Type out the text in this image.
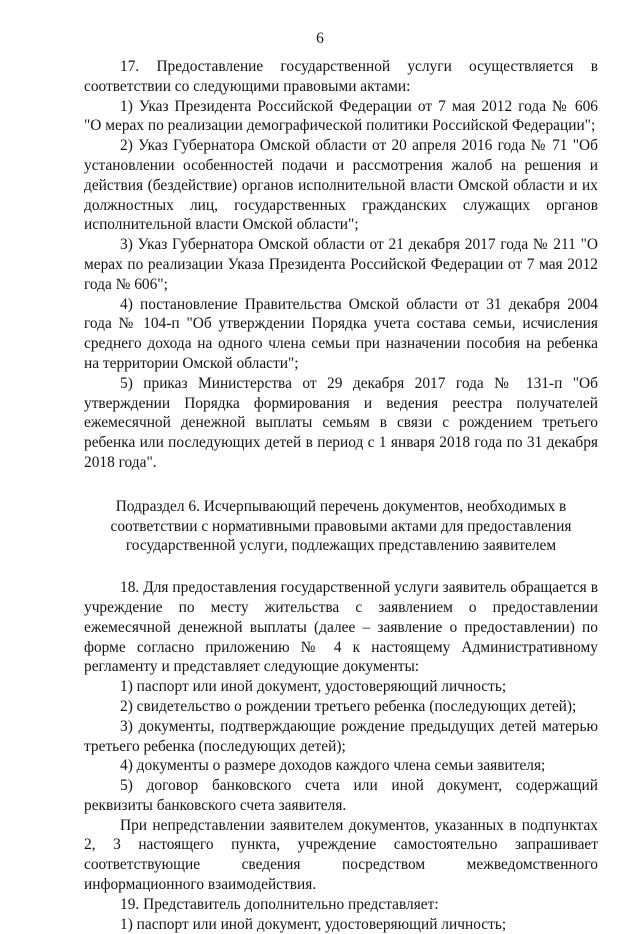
6

17. Предоставление государственной услуги осуществляется в

соответствии со следующими правовыми актами:

1) Указ Президента Российской Федерации от 7 мая 2012 года № 606

"О мерах по реализации демографической политики Российской Федерации";

2) Указ Губернатора Омской области от 20 апреля 2016 года № 71 "Об установлении особенностей подачи и рассмотрения жалоб на решения и действия (бездействие) органов исполнительной власти Омской области и их должностных лиц, государственных гражданских служащих органов исполнительной власти Омской области";

3) Указ Губернатора Омской области от 21 декабря 2017 года № 211 "О мерах по реализации Указа Президента Российской Федерации от 7 мая 2012 года № 606";

4) постановление Правительства Омской области от 31 декабря 2004 года № 104-п "Об утверждении Порядка учета состава семьи, исчисления среднего дохода на одного члена семьи при назначении пособия на ребенка на территории Омской области";

5) приказ Министерства от 29 декабря 2017 года № 131-п "Об утверждении Порядка формирования и ведения реестра получателей ежемесячной денежной выплаты семьям в связи с рождением третьего ребенка или последующих детей в период с 1 января 2018 года по 31 декабря 2018 года".

Подраздел 6. Исчерпывающий перечень документов, необходимых в соответствии с нормативными правовыми актами для предоставления государственной услуги, подлежащих представлению заявителем

18. Для предоставления государственной услуги заявитель обращается в учреждение по месту жительства с заявлением о предоставлении ежемесячной денежной выплаты (далее – заявление о предоставлении) по форме согласно приложению № 4 к настоящему Административному регламенту и представляет следующие документы:

1) паспорт или иной документ, удостоверяющий личность;

2) свидетельство о рождении третьего ребенка (последующих детей);

3) документы, подтверждающие рождение предыдущих детей матерью третьего ребенка (последующих детей);

4) документы о размере доходов каждого члена семьи заявителя;

5) договор банковского счета или иной документ, содержащий реквизиты банковского счета заявителя.

При непредставлении заявителем документов, указанных в подпунктах 2, 3 настоящего пункта, учреждение самостоятельно запрашивает соответствующие сведения посредством межведомственного информационного взаимодействия.

19. Представитель дополнительно представляет:

1) паспорт или иной документ, удостоверяющий личность;
